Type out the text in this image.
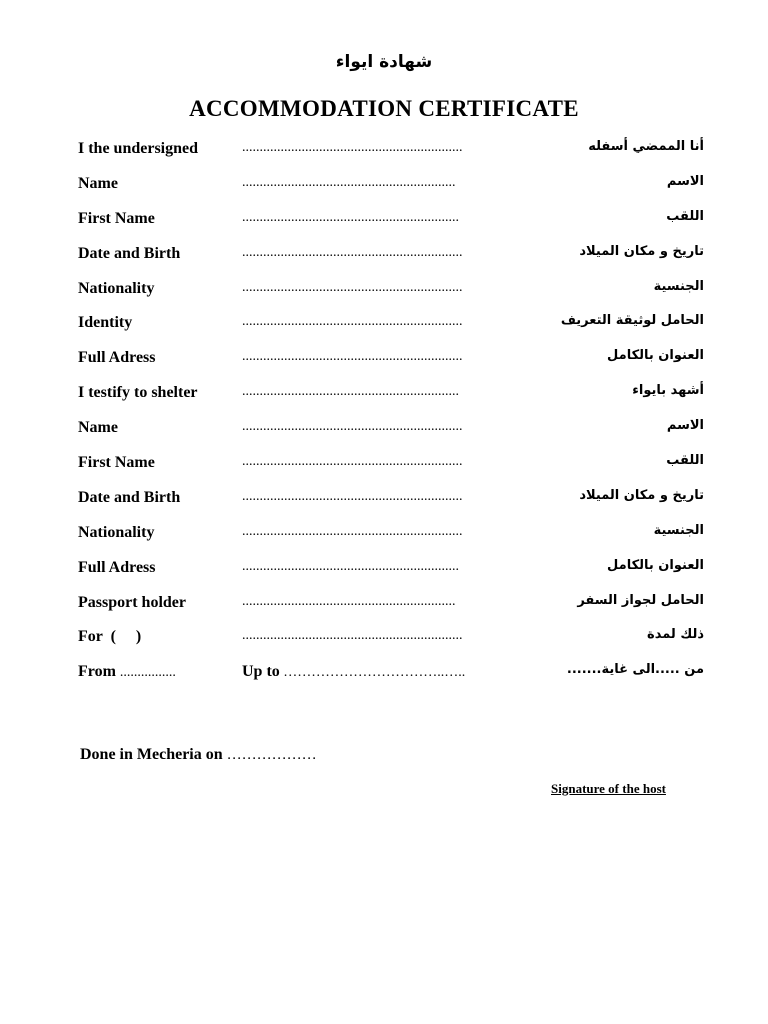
شهادة ايواء
ACCOMMODATION CERTIFICATE
I the undersigned	...............................................................	أنا الممضي أسفله
Name	.............................................................	الاسم
First Name	..............................................................	اللقب
Date and Birth	...............................................................	تاريخ و مكان الميلاد
Nationality	...............................................................	الجنسية
Identity	...............................................................	الحامل لوثيقة التعريف
Full Adress	...............................................................	العنوان بالكامل
I testify to shelter	..............................................................	أشهد بايواء
Name	...............................................................	الاسم
First Name	...............................................................	اللقب
Date and Birth	...............................................................	تاريخ و مكان الميلاد
Nationality	...............................................................	الجنسية
Full Adress	..............................................................	العنوان بالكامل
Passport holder	.............................................................	الحامل لجواز السفر
For  (     )	...............................................................	ذلك لمدة
From ................	Up to ……………………………..…..	من .....الى غاية.......
Done in Mecheria on ………………
Signature of the host
